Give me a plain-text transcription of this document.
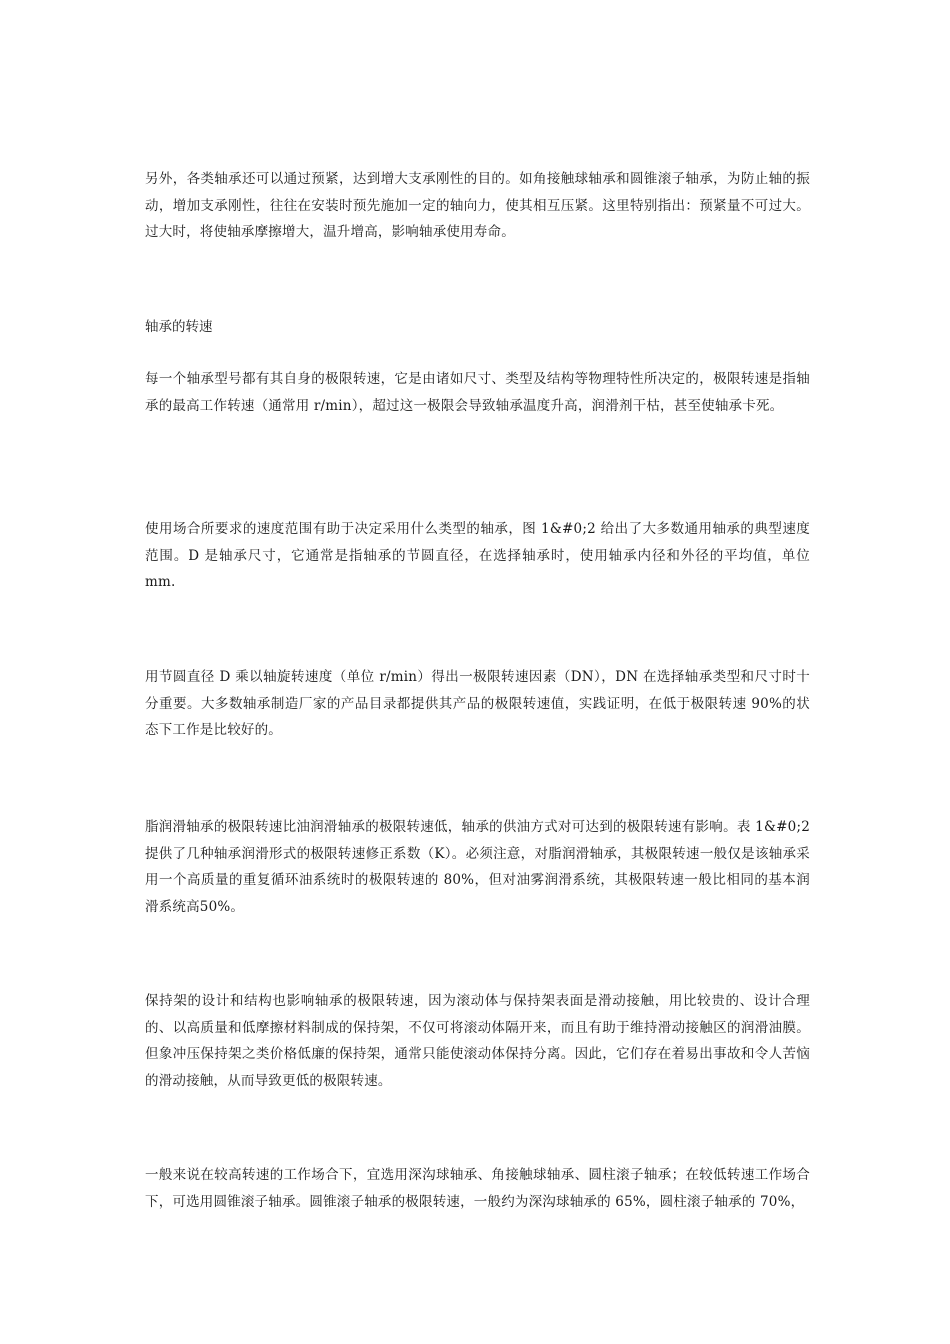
另外，各类轴承还可以通过预紧，达到增大支承刚性的目的。如角接触球轴承和圆锥滚子轴承，为防止轴的振动，增加支承刚性，往往在安装时预先施加一定的轴向力，使其相互压紧。这里特别指出：预紧量不可过大。过大时，将使轴承摩擦增大，温升增高，影响轴承使用寿命。

轴承的转速

每一个轴承型号都有其自身的极限转速，它是由诸如尺寸、类型及结构等物理特性所决定的，极限转速是指轴承的最高工作转速（通常用 r/min），超过这一极限会导致轴承温度升高，润滑剂干枯，甚至使轴承卡死。

使用场合所要求的速度范围有助于决定采用什么类型的轴承，图 1&#0;2 给出了大多数通用轴承的典型速度范围。D 是轴承尺寸，它通常是指轴承的节圆直径，在选择轴承时，使用轴承内径和外径的平均值，单位 mm.

用节圆直径 D 乘以轴旋转速度（单位 r/min）得出一极限转速因素（DN），DN 在选择轴承类型和尺寸时十分重要。大多数轴承制造厂家的产品目录都提供其产品的极限转速值，实践证明，在低于极限转速 90%的状态下工作是比较好的。

脂润滑轴承的极限转速比油润滑轴承的极限转速低，轴承的供油方式对可达到的极限转速有影响。表 1&#0;2 提供了几种轴承润滑形式的极限转速修正系数（K）。必须注意，对脂润滑轴承，其极限转速一般仅是该轴承采用一个高质量的重复循环油系统时的极限转速的 80%，但对油雾润滑系统，其极限转速一般比相同的基本润滑系统高50%。

保持架的设计和结构也影响轴承的极限转速，因为滚动体与保持架表面是滑动接触，用比较贵的、设计合理的、以高质量和低摩擦材料制成的保持架，不仅可将滚动体隔开来，而且有助于维持滑动接触区的润滑油膜。但象冲压保持架之类价格低廉的保持架，通常只能使滚动体保持分离。因此，它们存在着易出事故和令人苦恼的滑动接触，从而导致更低的极限转速。

一般来说在较高转速的工作场合下，宜选用深沟球轴承、角接触球轴承、圆柱滚子轴承；在较低转速工作场合下，可选用圆锥滚子轴承。圆锥滚子轴承的极限转速，一般约为深沟球轴承的 65%，圆柱滚子轴承的 70%，
